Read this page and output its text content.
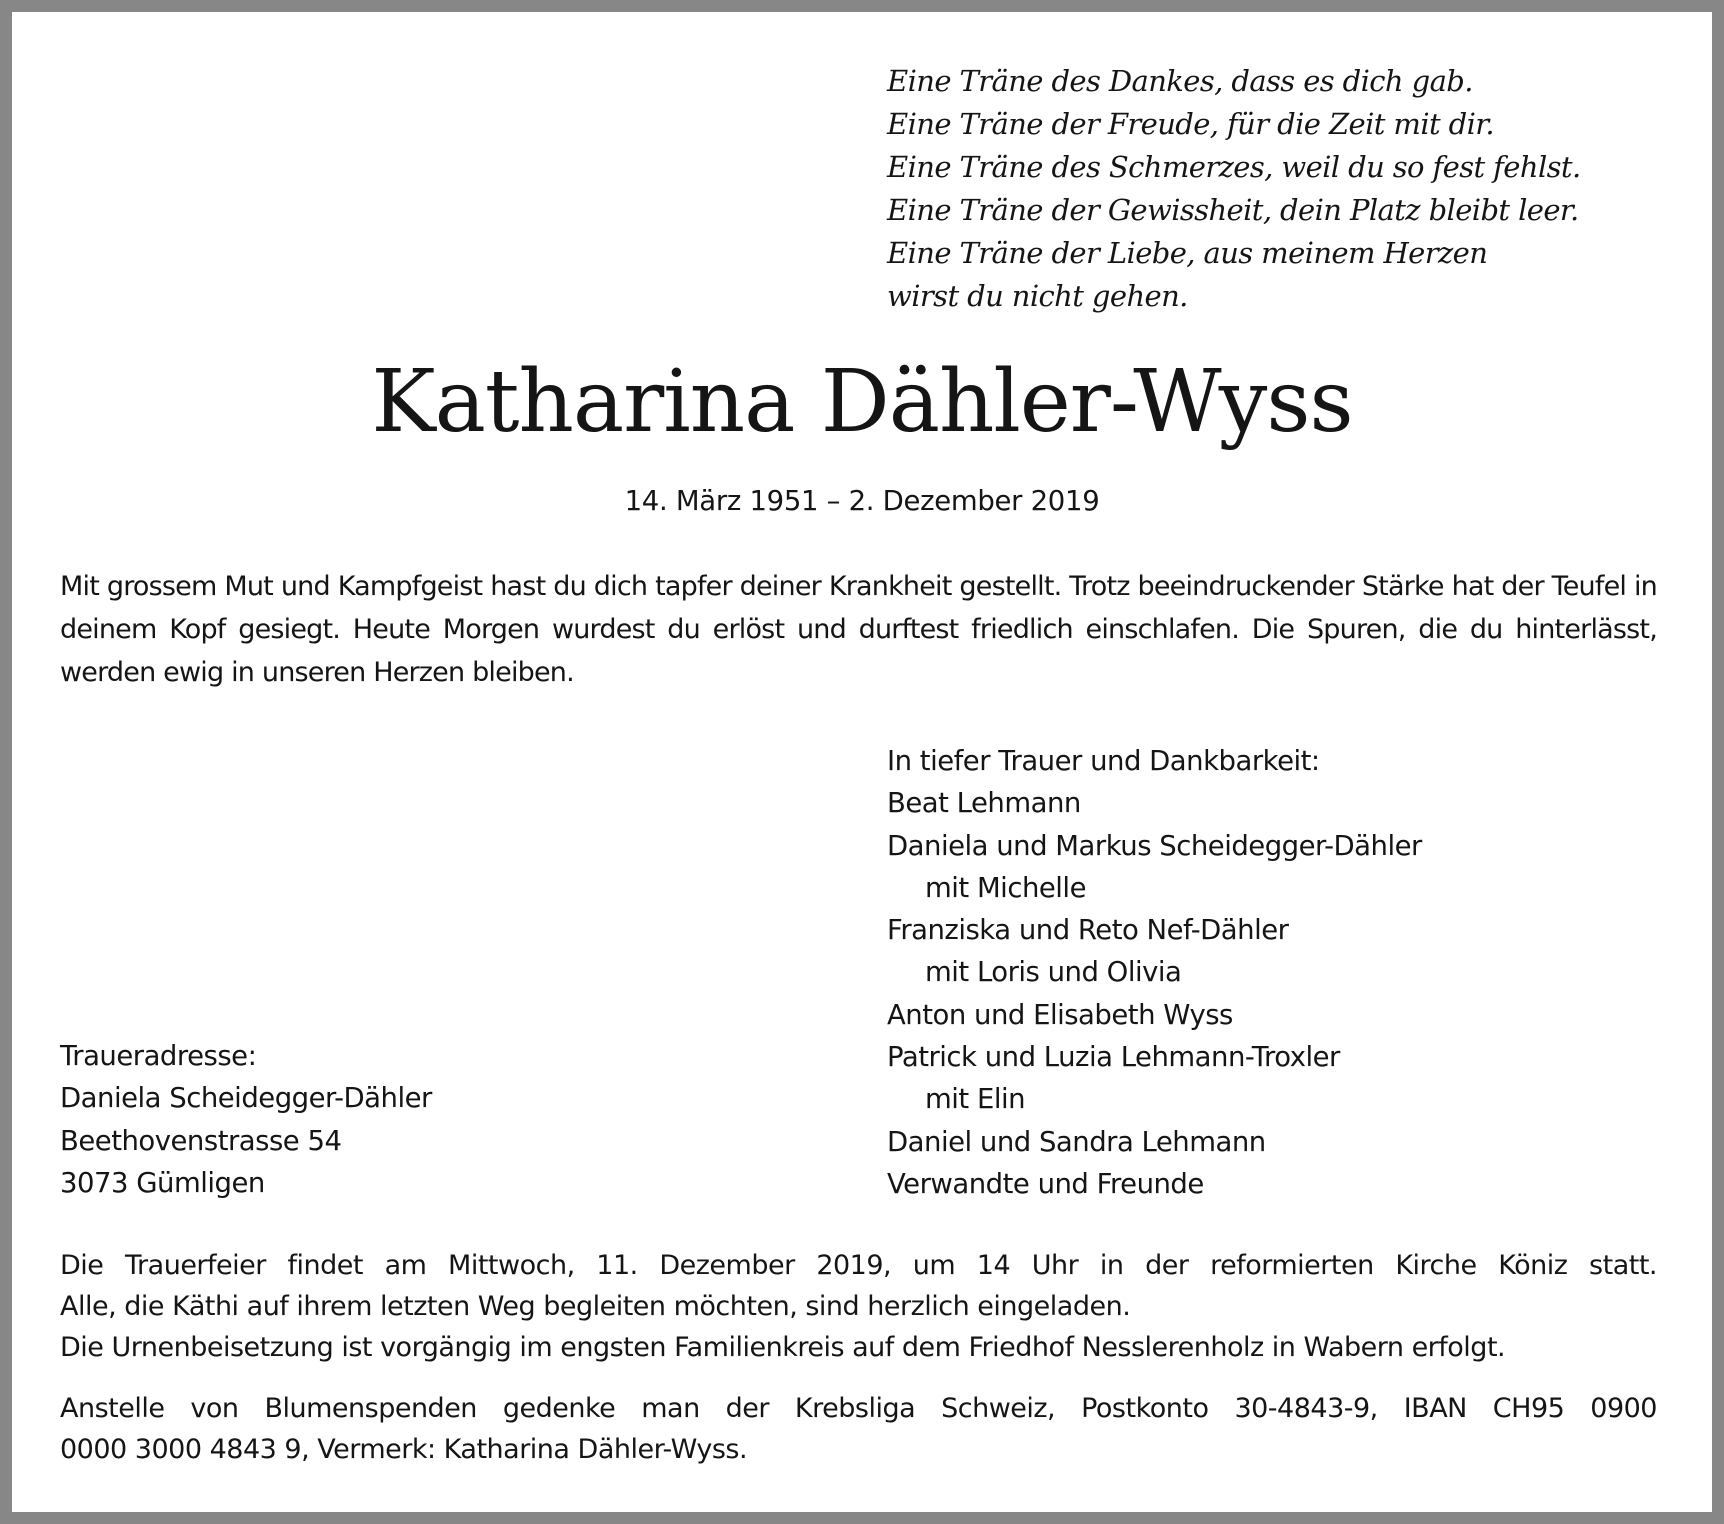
Eine Träne des Dankes, dass es dich gab.
Eine Träne der Freude, für die Zeit mit dir.
Eine Träne des Schmerzes, weil du so fest fehlst.
Eine Träne der Gewissheit, dein Platz bleibt leer.
Eine Träne der Liebe, aus meinem Herzen
wirst du nicht gehen.
Katharina Dähler-Wyss
14. März 1951 – 2. Dezember 2019
Mit grossem Mut und Kampfgeist hast du dich tapfer deiner Krankheit gestellt. Trotz beeindruckender Stärke hat der Teufel in deinem Kopf gesiegt. Heute Morgen wurdest du erlöst und durftest friedlich einschlafen. Die Spuren, die du hinterlässt, werden ewig in unseren Herzen bleiben.
In tiefer Trauer und Dankbarkeit:
Beat Lehmann
Daniela und Markus Scheidegger-Dähler
mit Michelle
Franziska und Reto Nef-Dähler
mit Loris und Olivia
Anton und Elisabeth Wyss
Patrick und Luzia Lehmann-Troxler
mit Elin
Daniel und Sandra Lehmann
Verwandte und Freunde
Traueradresse:
Daniela Scheidegger-Dähler
Beethovenstrasse 54
3073 Gümligen
Die Trauerfeier findet am Mittwoch, 11. Dezember 2019, um 14 Uhr in der reformierten Kirche Köniz statt.
Alle, die Käthi auf ihrem letzten Weg begleiten möchten, sind herzlich eingeladen.
Die Urnenbeisetzung ist vorgängig im engsten Familienkreis auf dem Friedhof Nesslerenholz in Wabern erfolgt.
Anstelle von Blumenspenden gedenke man der Krebsliga Schweiz, Postkonto 30-4843-9, IBAN CH95 0900
0000 3000 4843 9, Vermerk: Katharina Dähler-Wyss.
